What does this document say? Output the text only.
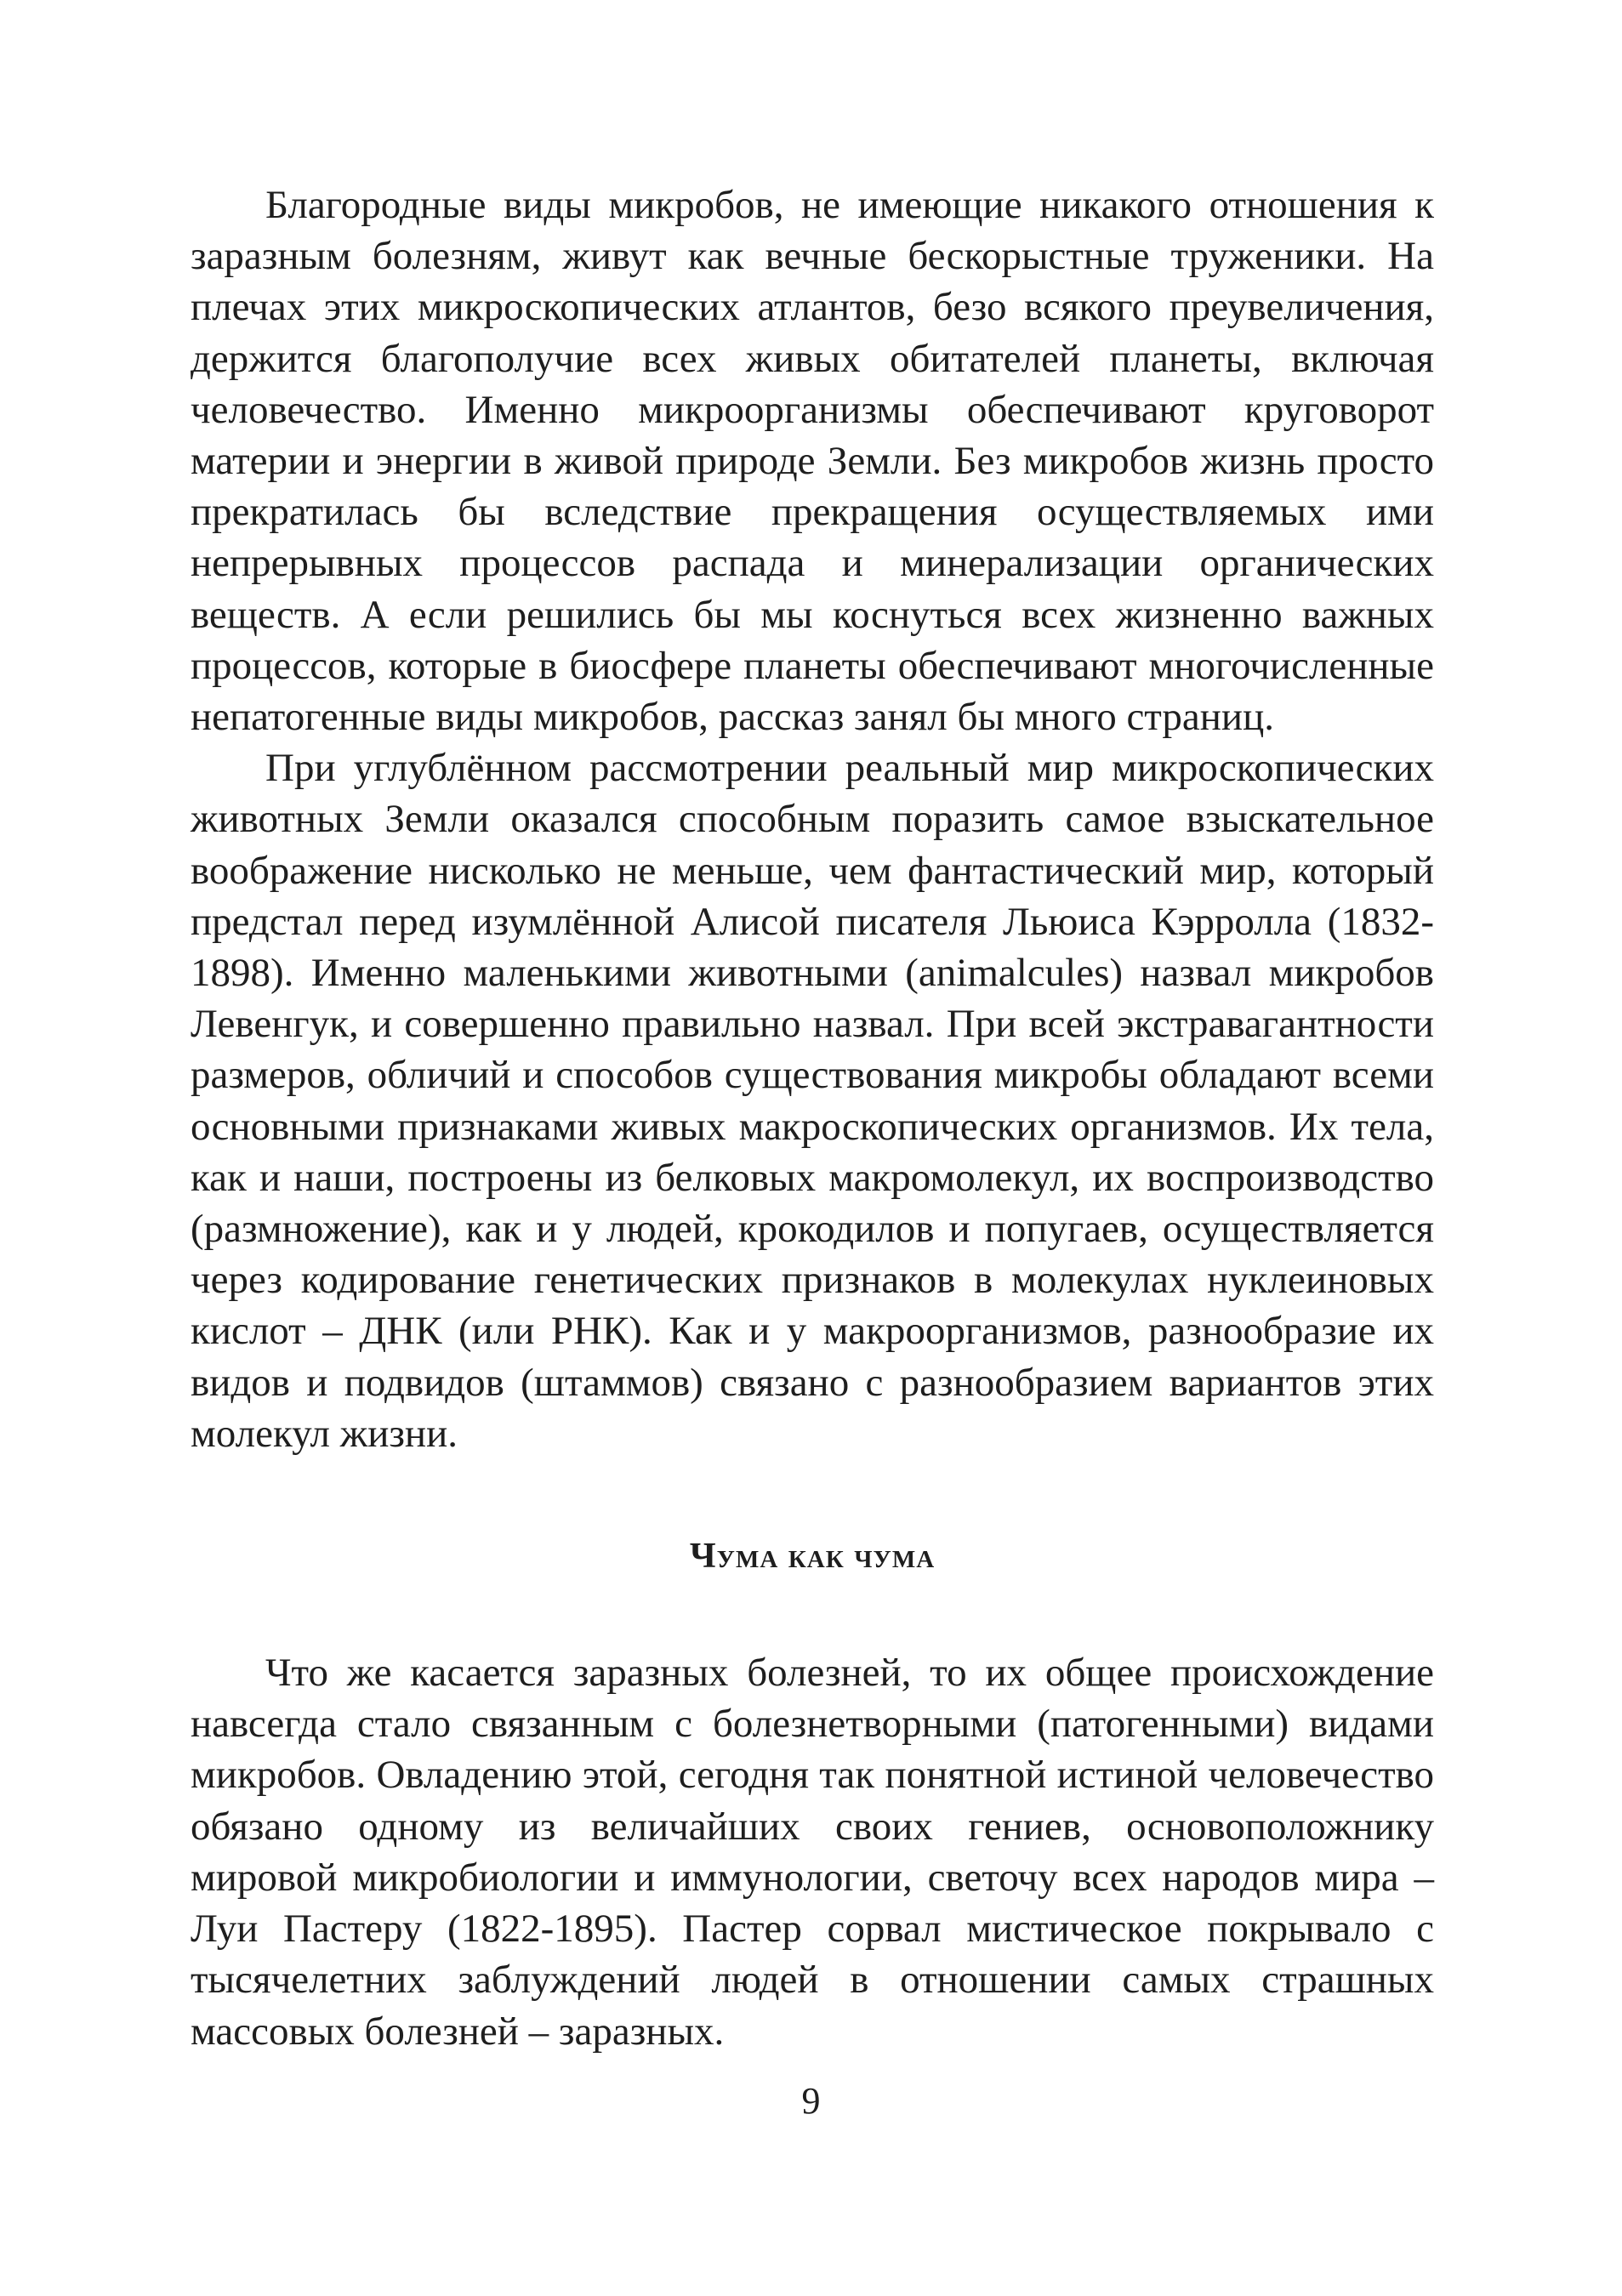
Благородные виды микробов, не имеющие никакого отношения к заразным болезням, живут как вечные бескорыстные труженики. На плечах этих микроскопических атлантов, безо всякого преувеличения, держится благополучие всех живых обитателей планеты, включая человечество. Именно микроорганизмы обеспечивают круговорот материи и энергии в живой природе Земли. Без микробов жизнь просто прекратилась бы вследствие прекращения осуществляемых ими непрерывных процессов распада и минерализации органических веществ. А если решились бы мы коснуться всех жизненно важных процессов, которые в биосфере планеты обеспечивают многочисленные непатогенные виды микробов, рассказ занял бы много страниц.

При углублённом рассмотрении реальный мир микроскопических животных Земли оказался способным поразить самое взыскательное воображение нисколько не меньше, чем фантастический мир, который предстал перед изумлённой Алисой писателя Льюиса Кэрролла (1832-1898). Именно маленькими животными (animalcules) назвал микробов Левенгук, и совершенно правильно назвал. При всей экстравагантности размеров, обличий и способов существования микробы обладают всеми основными признаками живых макроскопических организмов. Их тела, как и наши, построены из белковых макромолекул, их воспроизводство (размножение), как и у людей, крокодилов и попугаев, осуществляется через кодирование генетических признаков в молекулах нуклеиновых кислот – ДНК (или РНК). Как и у макроорганизмов, разнообразие их видов и подвидов (штаммов) связано с разнообразием вариантов этих молекул жизни.

Чума как чума

Что же касается заразных болезней, то их общее происхождение навсегда стало связанным с болезнетворными (патогенными) видами микробов. Овладению этой, сегодня так понятной истиной человечество обязано одному из величайших своих гениев, основоположнику мировой микробиологии и иммунологии, светочу всех народов мира – Луи Пастеру (1822-1895). Пастер сорвал мистическое покрывало с тысячелетних заблуждений людей в отношении самых страшных массовых болезней – заразных.

9
